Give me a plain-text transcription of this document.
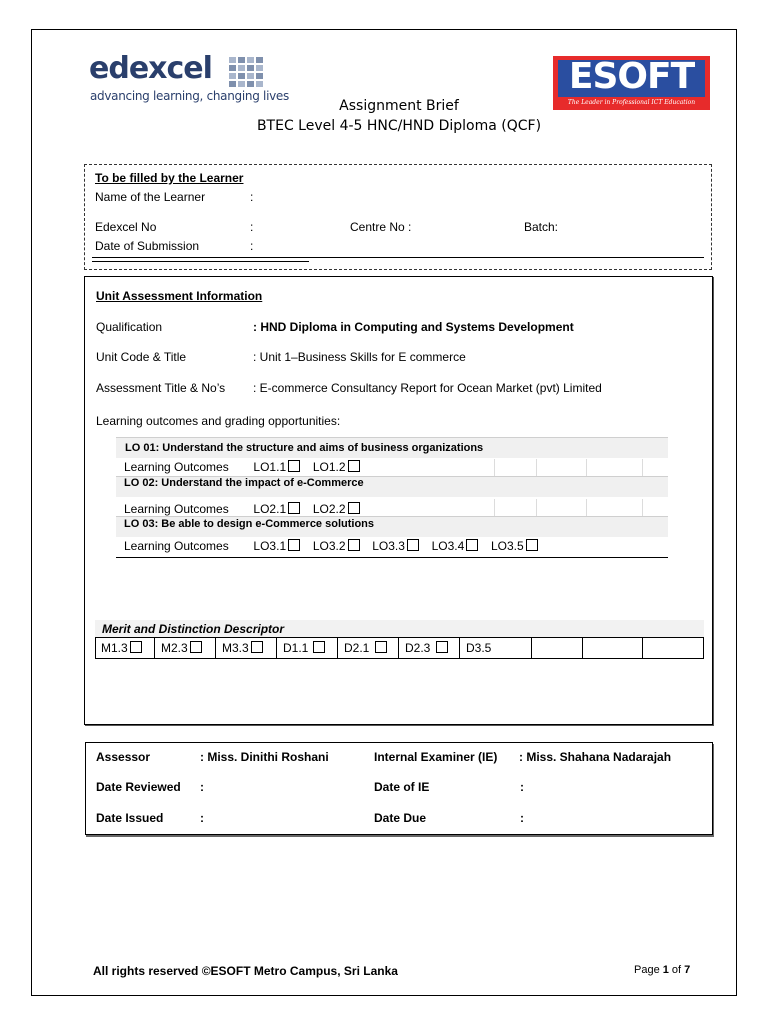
edexcel
advancing learning, changing lives	ESOFT
The Leader in Professional ICT Education
Assignment Brief
BTEC Level 4-5 HNC/HND Diploma (QCF)
To be filled by the Learner
Name of the Learner	:
Edexcel No	:	Centre No :	Batch:
Date of Submission	:
Unit Assessment Information
Qualification	: HND Diploma in Computing and Systems Development
Unit Code & Title	: Unit 1–Business Skills for E commerce
Assessment Title & No’s : E-commerce Consultancy Report for Ocean Market (pvt) Limited
Learning outcomes and grading opportunities:
LO 01: Understand the structure and aims of business organizations
Learning Outcomes LO1.1 LO1.2
LO 02: Understand the impact of e-Commerce
Learning Outcomes LO2.1 LO2.2
LO 03: Be able to design e-Commerce solutions
Learning Outcomes LO3.1 LO3.2 LO3.3 LO3.4 LO3.5
Merit and Distinction Descriptor
M1.3	M2.3	M3.3	D1.1	D2.1	D2.3	D3.5
Assessor	: Miss. Dinithi Roshani	Internal Examiner (IE) : Miss. Shahana Nadarajah
Date Reviewed :	Date of IE	:
Date Issued	:	Date Due	:
All rights reserved ©ESOFT Metro Campus, Sri Lanka	Page 1 of 7
